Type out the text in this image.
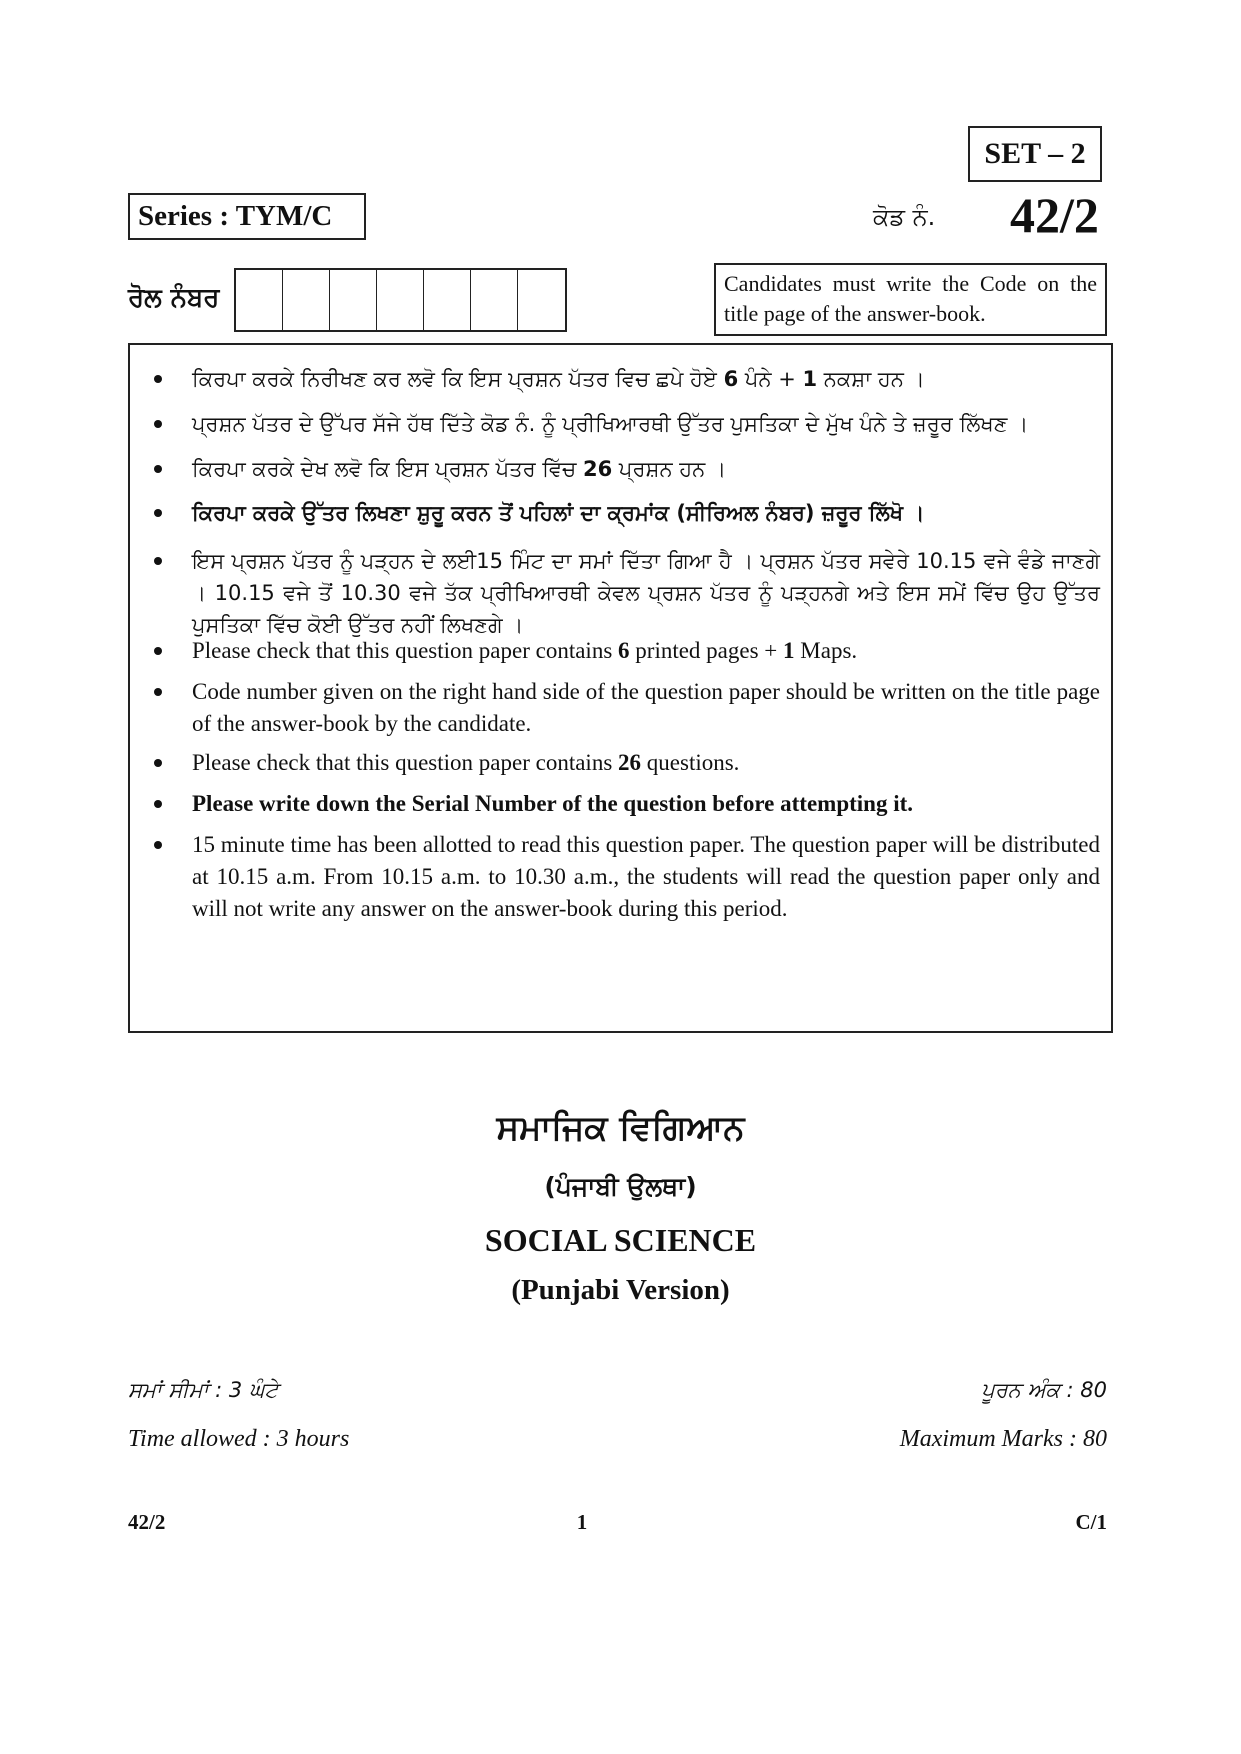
SET – 2
Series : TYM/C	ਕੋਡ ਨੰ. 42/2
ਰੋਲ ਨੰਬਰ	Candidates must write the Code on the title page of the answer-book.
ਕਿਰਪਾ ਕਰਕੇ ਨਿਰੀਖਣ ਕਰ ਲਵੋ ਕਿ ਇਸ ਪ੍ਰਸ਼ਨ ਪੱਤਰ ਵਿਚ ਛਪੇ ਹੋਏ 6 ਪੰਨੇ + 1 ਨਕਸ਼ਾ ਹਨ ।
ਪ੍ਰਸ਼ਨ ਪੱਤਰ ਦੇ ਉੱਪਰ ਸੱਜੇ ਹੱਥ ਦਿੱਤੇ ਕੋਡ ਨੰ. ਨੂੰ ਪ੍ਰੀਖਿਆਰਥੀ ਉੱਤਰ ਪੁਸਤਿਕਾ ਦੇ ਮੁੱਖ ਪੰਨੇ ਤੇ ਜ਼ਰੂਰ ਲਿੱਖਣ ।
ਕਿਰਪਾ ਕਰਕੇ ਦੇਖ ਲਵੋ ਕਿ ਇਸ ਪ੍ਰਸ਼ਨ ਪੱਤਰ ਵਿੱਚ 26 ਪ੍ਰਸ਼ਨ ਹਨ ।
ਕਿਰਪਾ ਕਰਕੇ ਉੱਤਰ ਲਿਖਣਾ ਸ਼ੁਰੂ ਕਰਨ ਤੋਂ ਪਹਿਲਾਂ ਦਾ ਕ੍ਰਮਾਂਕ (ਸੀਰਿਅਲ ਨੰਬਰ) ਜ਼ਰੂਰ ਲਿੱਖੋ ।
ਇਸ ਪ੍ਰਸ਼ਨ ਪੱਤਰ ਨੂੰ ਪੜ੍ਹਨ ਦੇ ਲਈ15 ਮਿੰਟ ਦਾ ਸਮਾਂ ਦਿੱਤਾ ਗਿਆ ਹੈ । ਪ੍ਰਸ਼ਨ ਪੱਤਰ ਸਵੇਰੇ 10.15 ਵਜੇ ਵੰਡੇ ਜਾਣਗੇ । 10.15 ਵਜੇ ਤੋਂ 10.30 ਵਜੇ ਤੱਕ ਪ੍ਰੀਖਿਆਰਥੀ ਕੇਵਲ ਪ੍ਰਸ਼ਨ ਪੱਤਰ ਨੂੰ ਪੜ੍ਹਨਗੇ ਅਤੇ ਇਸ ਸਮੇਂ ਵਿੱਚ ਉਹ ਉੱਤਰ ਪੁਸਤਿਕਾ ਵਿੱਚ ਕੋਈ ਉੱਤਰ ਨਹੀਂ ਲਿਖਣਗੇ ।
Please check that this question paper contains 6 printed pages + 1 Maps.
Code number given on the right hand side of the question paper should be written on the title page of the answer-book by the candidate.
Please check that this question paper contains 26 questions.
Please write down the Serial Number of the question before attempting it.
15 minute time has been allotted to read this question paper. The question paper will be distributed at 10.15 a.m. From 10.15 a.m. to 10.30 a.m., the students will read the question paper only and will not write any answer on the answer-book during this period.
ਸਮਾਜਿਕ ਵਿਗਿਆਨ
(ਪੰਜਾਬੀ ਉਲਥਾ)
SOCIAL SCIENCE
(Punjabi Version)
ਸਮਾਂ ਸੀਮਾਂ : 3 ਘੰਟੇ	ਪੂਰਨ ਅੰਕ : 80
Time allowed : 3 hours	Maximum Marks : 80
42/2	1	C/1
